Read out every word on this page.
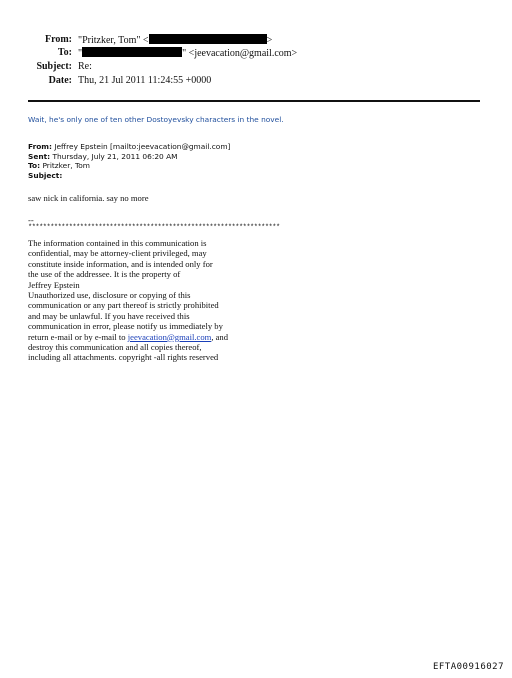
From: "Pritzker, Tom" <	>
To: "	" <jeevacation@gmail.com>
Subject: Re:
Date: Thu, 21 Jul 2011 11:24:55 +0000
Wait, he's only one of ten other Dostoyevsky characters in the novel.
From: Jeffrey Epstein [mailto:jeevacation@gmail.com]
Sent: Thursday, July 21, 2011 06:20 AM
To: Pritzker, Tom
Subject:
saw nick in california. say no more
--
********************************************************************
The information contained in this communication is
confidential, may be attorney-client privileged, may
constitute inside information, and is intended only for
the use of the addressee. It is the property of
Jeffrey Epstein
Unauthorized use, disclosure or copying of this
communication or any part thereof is strictly prohibited
and may be unlawful. If you have received this
communication in error, please notify us immediately by
return e-mail or by e-mail to jeevacation@gmail.com, and
destroy this communication and all copies thereof,
including all attachments. copyright -all rights reserved
EFTA00916027
